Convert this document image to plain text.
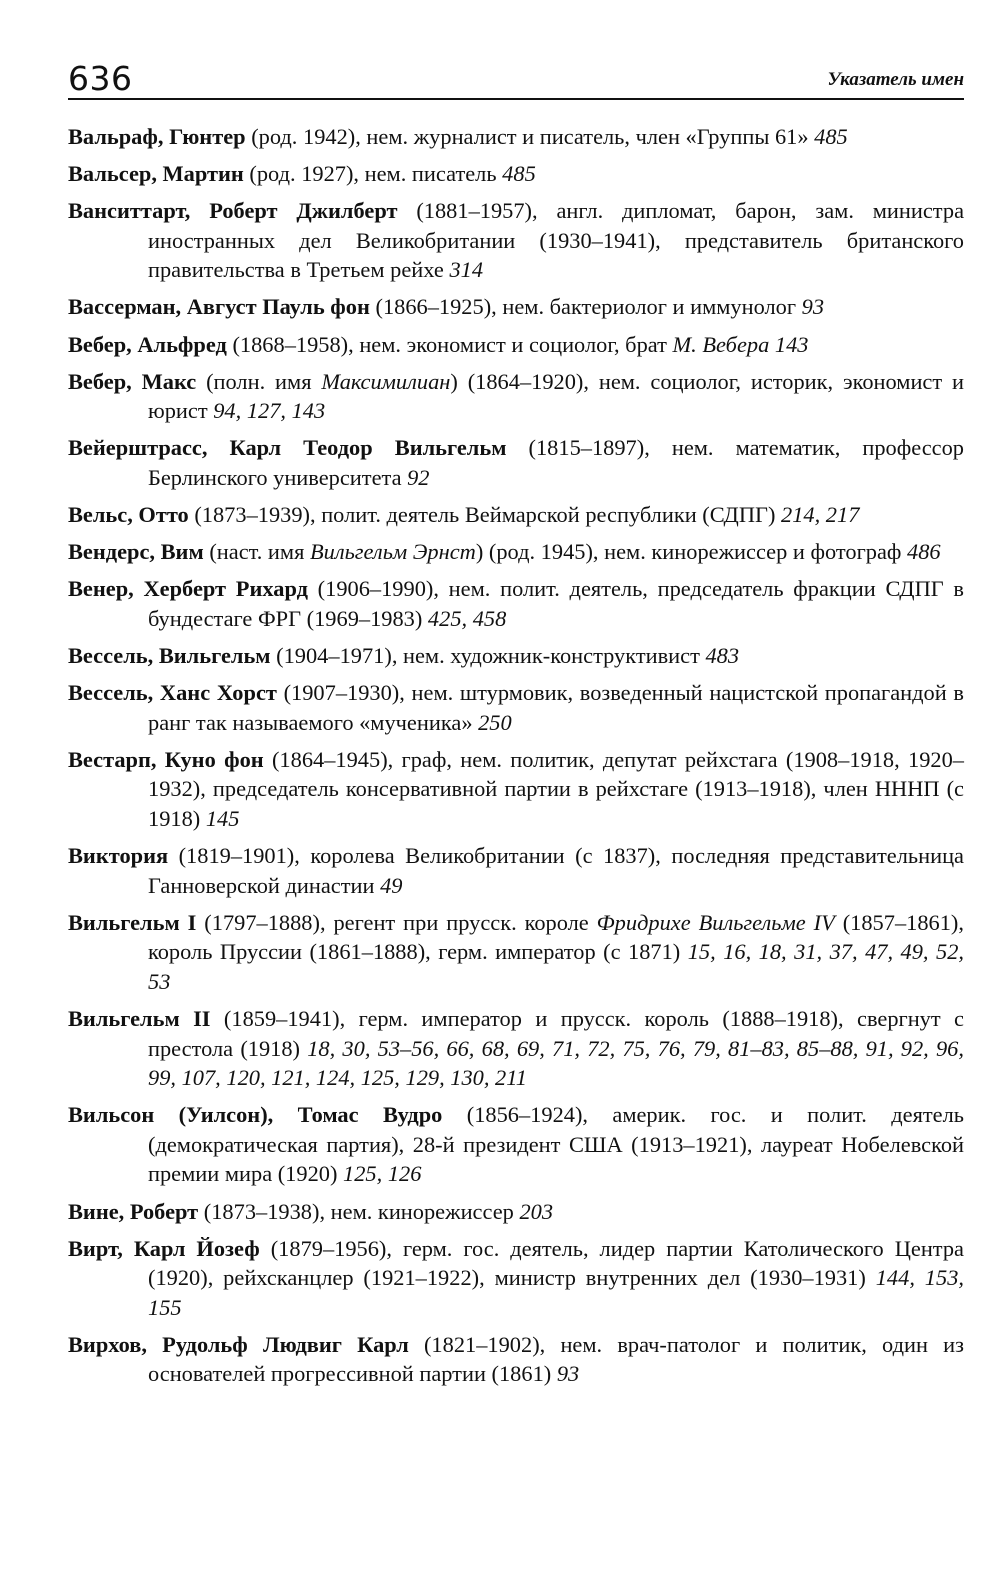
636	Указатель имен
Вальраф, Гюнтер (род. 1942), нем. журналист и писатель, член «Группы 61» 485
Вальсер, Мартин (род. 1927), нем. писатель 485
Ванситтарт, Роберт Джилберт (1881–1957), англ. дипломат, барон, зам. министра иностранных дел Великобритании (1930–1941), представитель британского правительства в Третьем рейхе 314
Вассерман, Август Пауль фон (1866–1925), нем. бактериолог и иммунолог 93
Вебер, Альфред (1868–1958), нем. экономист и социолог, брат М. Вебера 143
Вебер, Макс (полн. имя Максимилиан) (1864–1920), нем. социолог, историк, экономист и юрист 94, 127, 143
Вейерштрасс, Карл Теодор Вильгельм (1815–1897), нем. математик, профессор Берлинского университета 92
Вельс, Отто (1873–1939), полит. деятель Веймарской республики (СДПГ) 214, 217
Вендерс, Вим (наст. имя Вильгельм Эрнст) (род. 1945), нем. кинорежиссер и фотограф 486
Венер, Херберт Рихард (1906–1990), нем. полит. деятель, председатель фракции СДПГ в бундестаге ФРГ (1969–1983) 425, 458
Вессель, Вильгельм (1904–1971), нем. художник-конструктивист 483
Вессель, Ханс Хорст (1907–1930), нем. штурмовик, возведенный нацистской пропагандой в ранг так называемого «мученика» 250
Вестарп, Куно фон (1864–1945), граф, нем. политик, депутат рейхстага (1908–1918, 1920–1932), председатель консервативной партии в рейхстаге (1913–1918), член НННП (с 1918) 145
Виктория (1819–1901), королева Великобритании (с 1837), последняя представительница Ганноверской династии 49
Вильгельм I (1797–1888), регент при прусск. короле Фридрихе Вильгельме IV (1857–1861), король Пруссии (1861–1888), герм. император (с 1871) 15, 16, 18, 31, 37, 47, 49, 52, 53
Вильгельм II (1859–1941), герм. император и прусск. король (1888–1918), свергнут с престола (1918) 18, 30, 53–56, 66, 68, 69, 71, 72, 75, 76, 79, 81–83, 85–88, 91, 92, 96, 99, 107, 120, 121, 124, 125, 129, 130, 211
Вильсон (Уилсон), Томас Вудро (1856–1924), америк. гос. и полит. деятель (демократическая партия), 28-й президент США (1913–1921), лауреат Нобелевской премии мира (1920) 125, 126
Вине, Роберт (1873–1938), нем. кинорежиссер 203
Вирт, Карл Йозеф (1879–1956), герм. гос. деятель, лидер партии Католического Центра (1920), рейхсканцлер (1921–1922), министр внутренних дел (1930–1931) 144, 153, 155
Вирхов, Рудольф Людвиг Карл (1821–1902), нем. врач-патолог и политик, один из основателей прогрессивной партии (1861) 93
